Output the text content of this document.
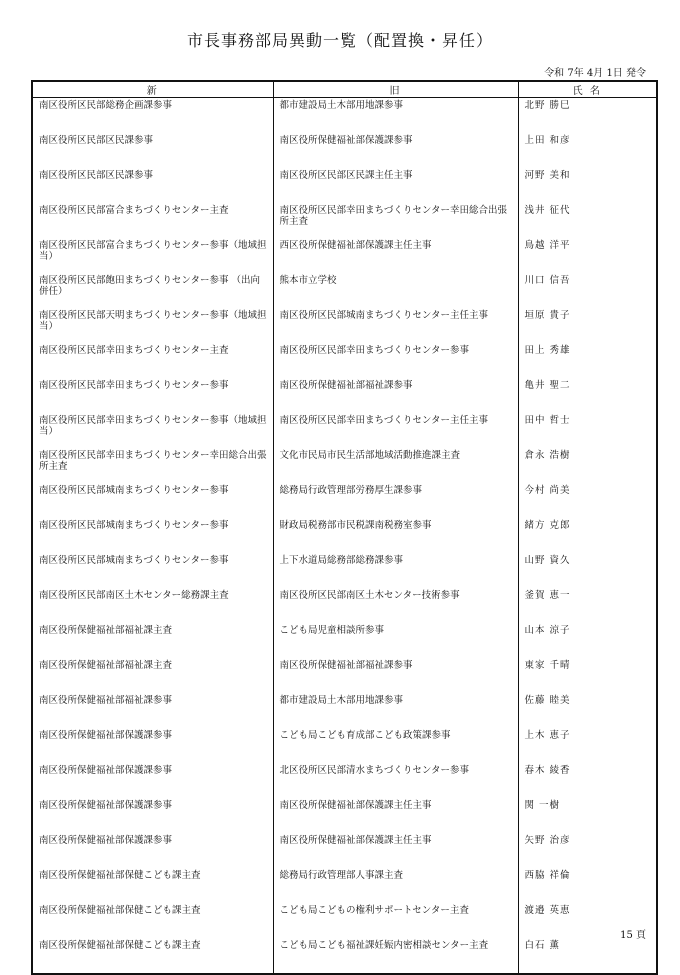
市長事務部局異動一覧（配置換・昇任）
令和 7年 4月 1日 発令
新	旧	氏 名
南区役所区民部総務企画課参事	都市建設局土木部用地課参事	北野 勝巳
南区役所区民部区民課参事	南区役所保健福祉部保護課参事	上田 和彦
南区役所区民部区民課参事	南区役所区民部区民課主任主事	河野 美和
南区役所区民部富合まちづくりセンター主査	南区役所区民部幸田まちづくりセンター幸田総合出張所主査	浅井 征代
南区役所区民部富合まちづくりセンター参事（地域担当）	西区役所保健福祉部保護課主任主事	鳥越 洋平
南区役所区民部飽田まちづくりセンター参事 （出向併任）	熊本市立学校	川口 信吾
南区役所区民部天明まちづくりセンター参事（地域担当）	南区役所区民部城南まちづくりセンター主任主事	垣原 貴子
南区役所区民部幸田まちづくりセンター主査	南区役所区民部幸田まちづくりセンター参事	田上 秀雄
南区役所区民部幸田まちづくりセンター参事	南区役所保健福祉部福祉課参事	亀井 聖二
南区役所区民部幸田まちづくりセンター参事（地域担当）	南区役所区民部幸田まちづくりセンター主任主事	田中 哲士
南区役所区民部幸田まちづくりセンター幸田総合出張所主査	文化市民局市民生活部地域活動推進課主査	倉永 浩樹
南区役所区民部城南まちづくりセンター参事	総務局行政管理部労務厚生課参事	今村 尚美
南区役所区民部城南まちづくりセンター参事	財政局税務部市民税課南税務室参事	緒方 克郎
南区役所区民部城南まちづくりセンター参事	上下水道局総務部総務課参事	山野 資久
南区役所区民部南区土木センター総務課主査	南区役所区民部南区土木センター技術参事	釜賀 恵一
南区役所保健福祉部福祉課主査	こども局児童相談所参事	山本 涼子
南区役所保健福祉部福祉課主査	南区役所保健福祉部福祉課参事	東家 千晴
南区役所保健福祉部福祉課参事	都市建設局土木部用地課参事	佐藤 睦美
南区役所保健福祉部保護課参事	こども局こども育成部こども政策課参事	上木 恵子
南区役所保健福祉部保護課参事	北区役所区民部清水まちづくりセンター参事	春木 綾香
南区役所保健福祉部保護課参事	南区役所保健福祉部保護課主任主事	関 一樹
南区役所保健福祉部保護課参事	南区役所保健福祉部保護課主任主事	矢野 治彦
南区役所保健福祉部保健こども課主査	総務局行政管理部人事課主査	西脇 祥倫
南区役所保健福祉部保健こども課主査	こども局こどもの権利サポートセンター主査	渡邉 英恵
南区役所保健福祉部保健こども課主査	こども局こども福祉課妊娠内密相談センター主査	白石 薫
15 頁
